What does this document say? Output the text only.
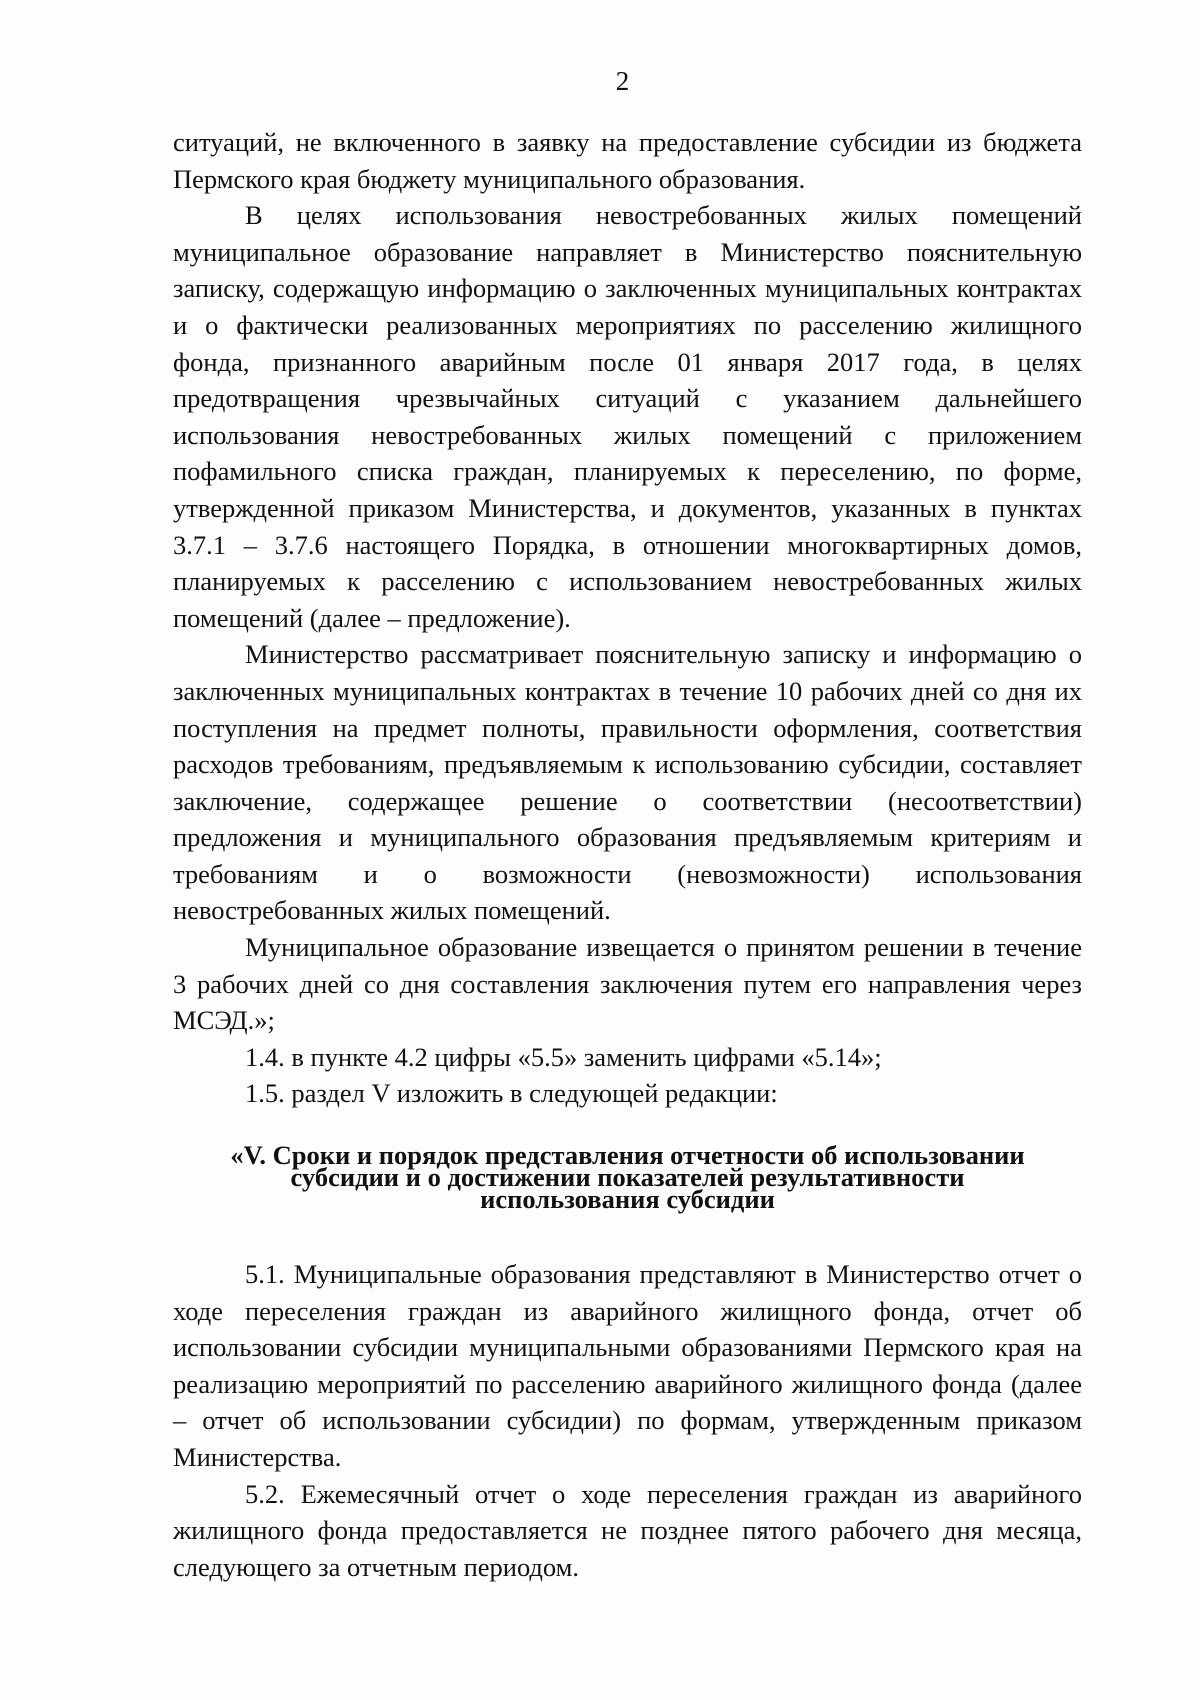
2

ситуаций, не включенного в заявку на предоставление субсидии из бюджета Пермского края бюджету муниципального образования.

В целях использования невостребованных жилых помещений муниципальное образование направляет в Министерство пояснительную записку, содержащую информацию о заключенных муниципальных контрактах и о фактически реализованных мероприятиях по расселению жилищного фонда, признанного аварийным после 01 января 2017 года, в целях предотвращения чрезвычайных ситуаций с указанием дальнейшего использования невостребованных жилых помещений с приложением пофамильного списка граждан, планируемых к переселению, по форме, утвержденной приказом Министерства, и документов, указанных в пунктах 3.7.1 – 3.7.6 настоящего Порядка, в отношении многоквартирных домов, планируемых к расселению с использованием невостребованных жилых помещений (далее – предложение).

Министерство рассматривает пояснительную записку и информацию о заключенных муниципальных контрактах в течение 10 рабочих дней со дня их поступления на предмет полноты, правильности оформления, соответствия расходов требованиям, предъявляемым к использованию субсидии, составляет заключение, содержащее решение о соответствии (несоответствии) предложения и муниципального образования предъявляемым критериям и требованиям и о возможности (невозможности) использования невостребованных жилых помещений.

Муниципальное образование извещается о принятом решении в течение 3 рабочих дней со дня составления заключения путем его направления через МСЭД.»;

1.4. в пункте 4.2 цифры «5.5» заменить цифрами «5.14»;

1.5. раздел V изложить в следующей редакции:

«V. Сроки и порядок представления отчетности об использовании
субсидии и о достижении показателей результативности
использования субсидии

5.1. Муниципальные образования представляют в Министерство отчет о ходе переселения граждан из аварийного жилищного фонда, отчет об использовании субсидии муниципальными образованиями Пермского края на реализацию мероприятий по расселению аварийного жилищного фонда (далее – отчет об использовании субсидии) по формам, утвержденным приказом Министерства.

5.2. Ежемесячный отчет о ходе переселения граждан из аварийного жилищного фонда предоставляется не позднее пятого рабочего дня месяца, следующего за отчетным периодом.
